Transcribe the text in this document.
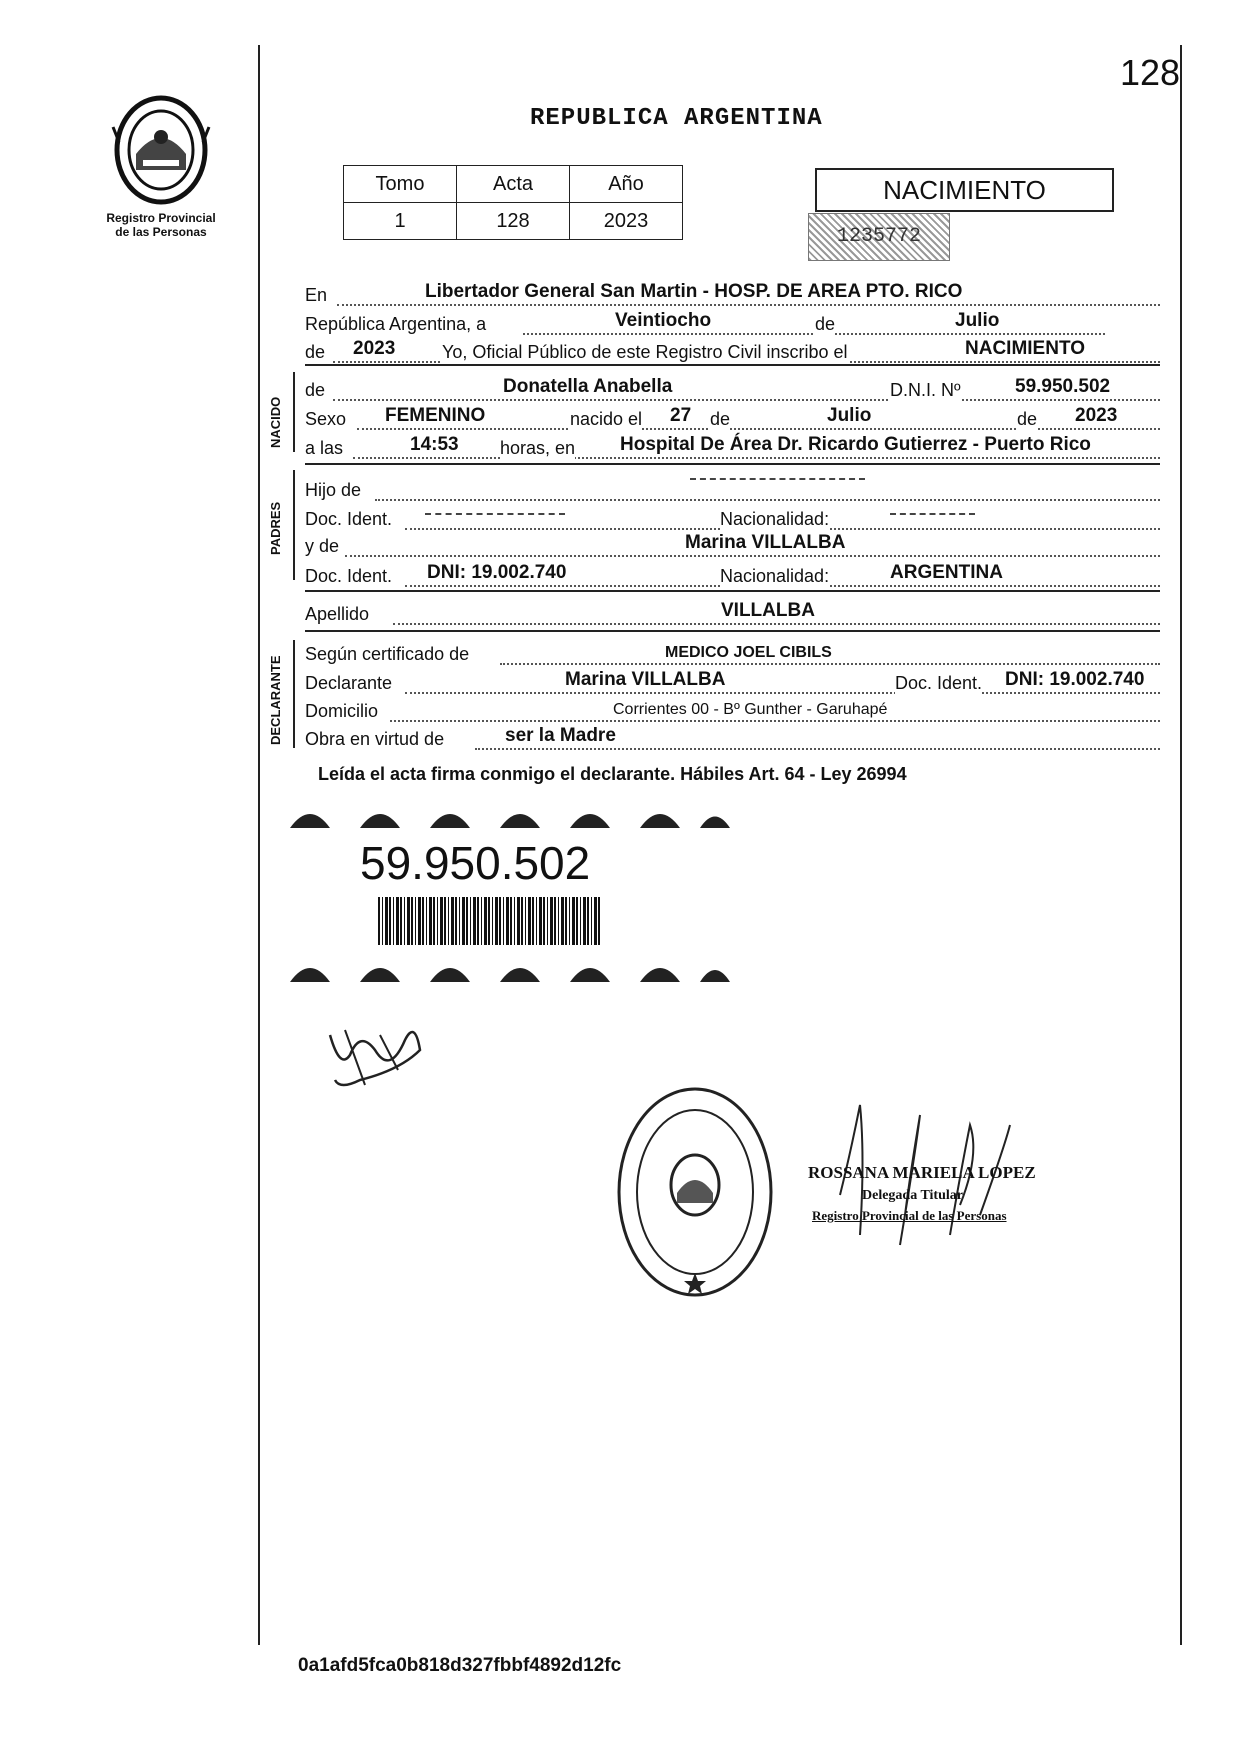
Registro Provincial
de las Personas
128
REPUBLICA ARGENTINA
Tomo	Acta	Año
1	128	2023
NACIMIENTO
1235772
En	Libertador General San Martin - HOSP. DE AREA PTO. RICO
República Argentina, a	Veintiocho	de	Julio
de 2023	Yo, Oficial Público de este Registro Civil inscribo el	NACIMIENTO
NACIDO
de	Donatella Anabella	D.N.I. Nº	59.950.502
Sexo FEMENINO	nacido el 27 de	Julio	de 2023
a las	14:53 horas, en Hospital De Área Dr. Ricardo Gutierrez - Puerto Rico
PADRES
Hijo de
Doc. Ident.	Nacionalidad:
y de	Marina VILLALBA
Doc. Ident. DNI: 19.002.740	Nacionalidad:	ARGENTINA
Apellido	VILLALBA
DECLARANTE
Según certificado de	MEDICO JOEL CIBILS
Declarante	Marina VILLALBA	Doc. Ident. DNI: 19.002.740
Domicilio	Corrientes 00 - Bº Gunther - Garuhapé
Obra en virtud de	ser la Madre
Leída el acta firma conmigo el declarante. Hábiles Art. 64 - Ley 26994
59.950.502
ROSSANA MARIELA LOPEZ
Delegada Titular
Registro Provincial de las Personas
0a1afd5fca0b818d327fbbf4892d12fc
